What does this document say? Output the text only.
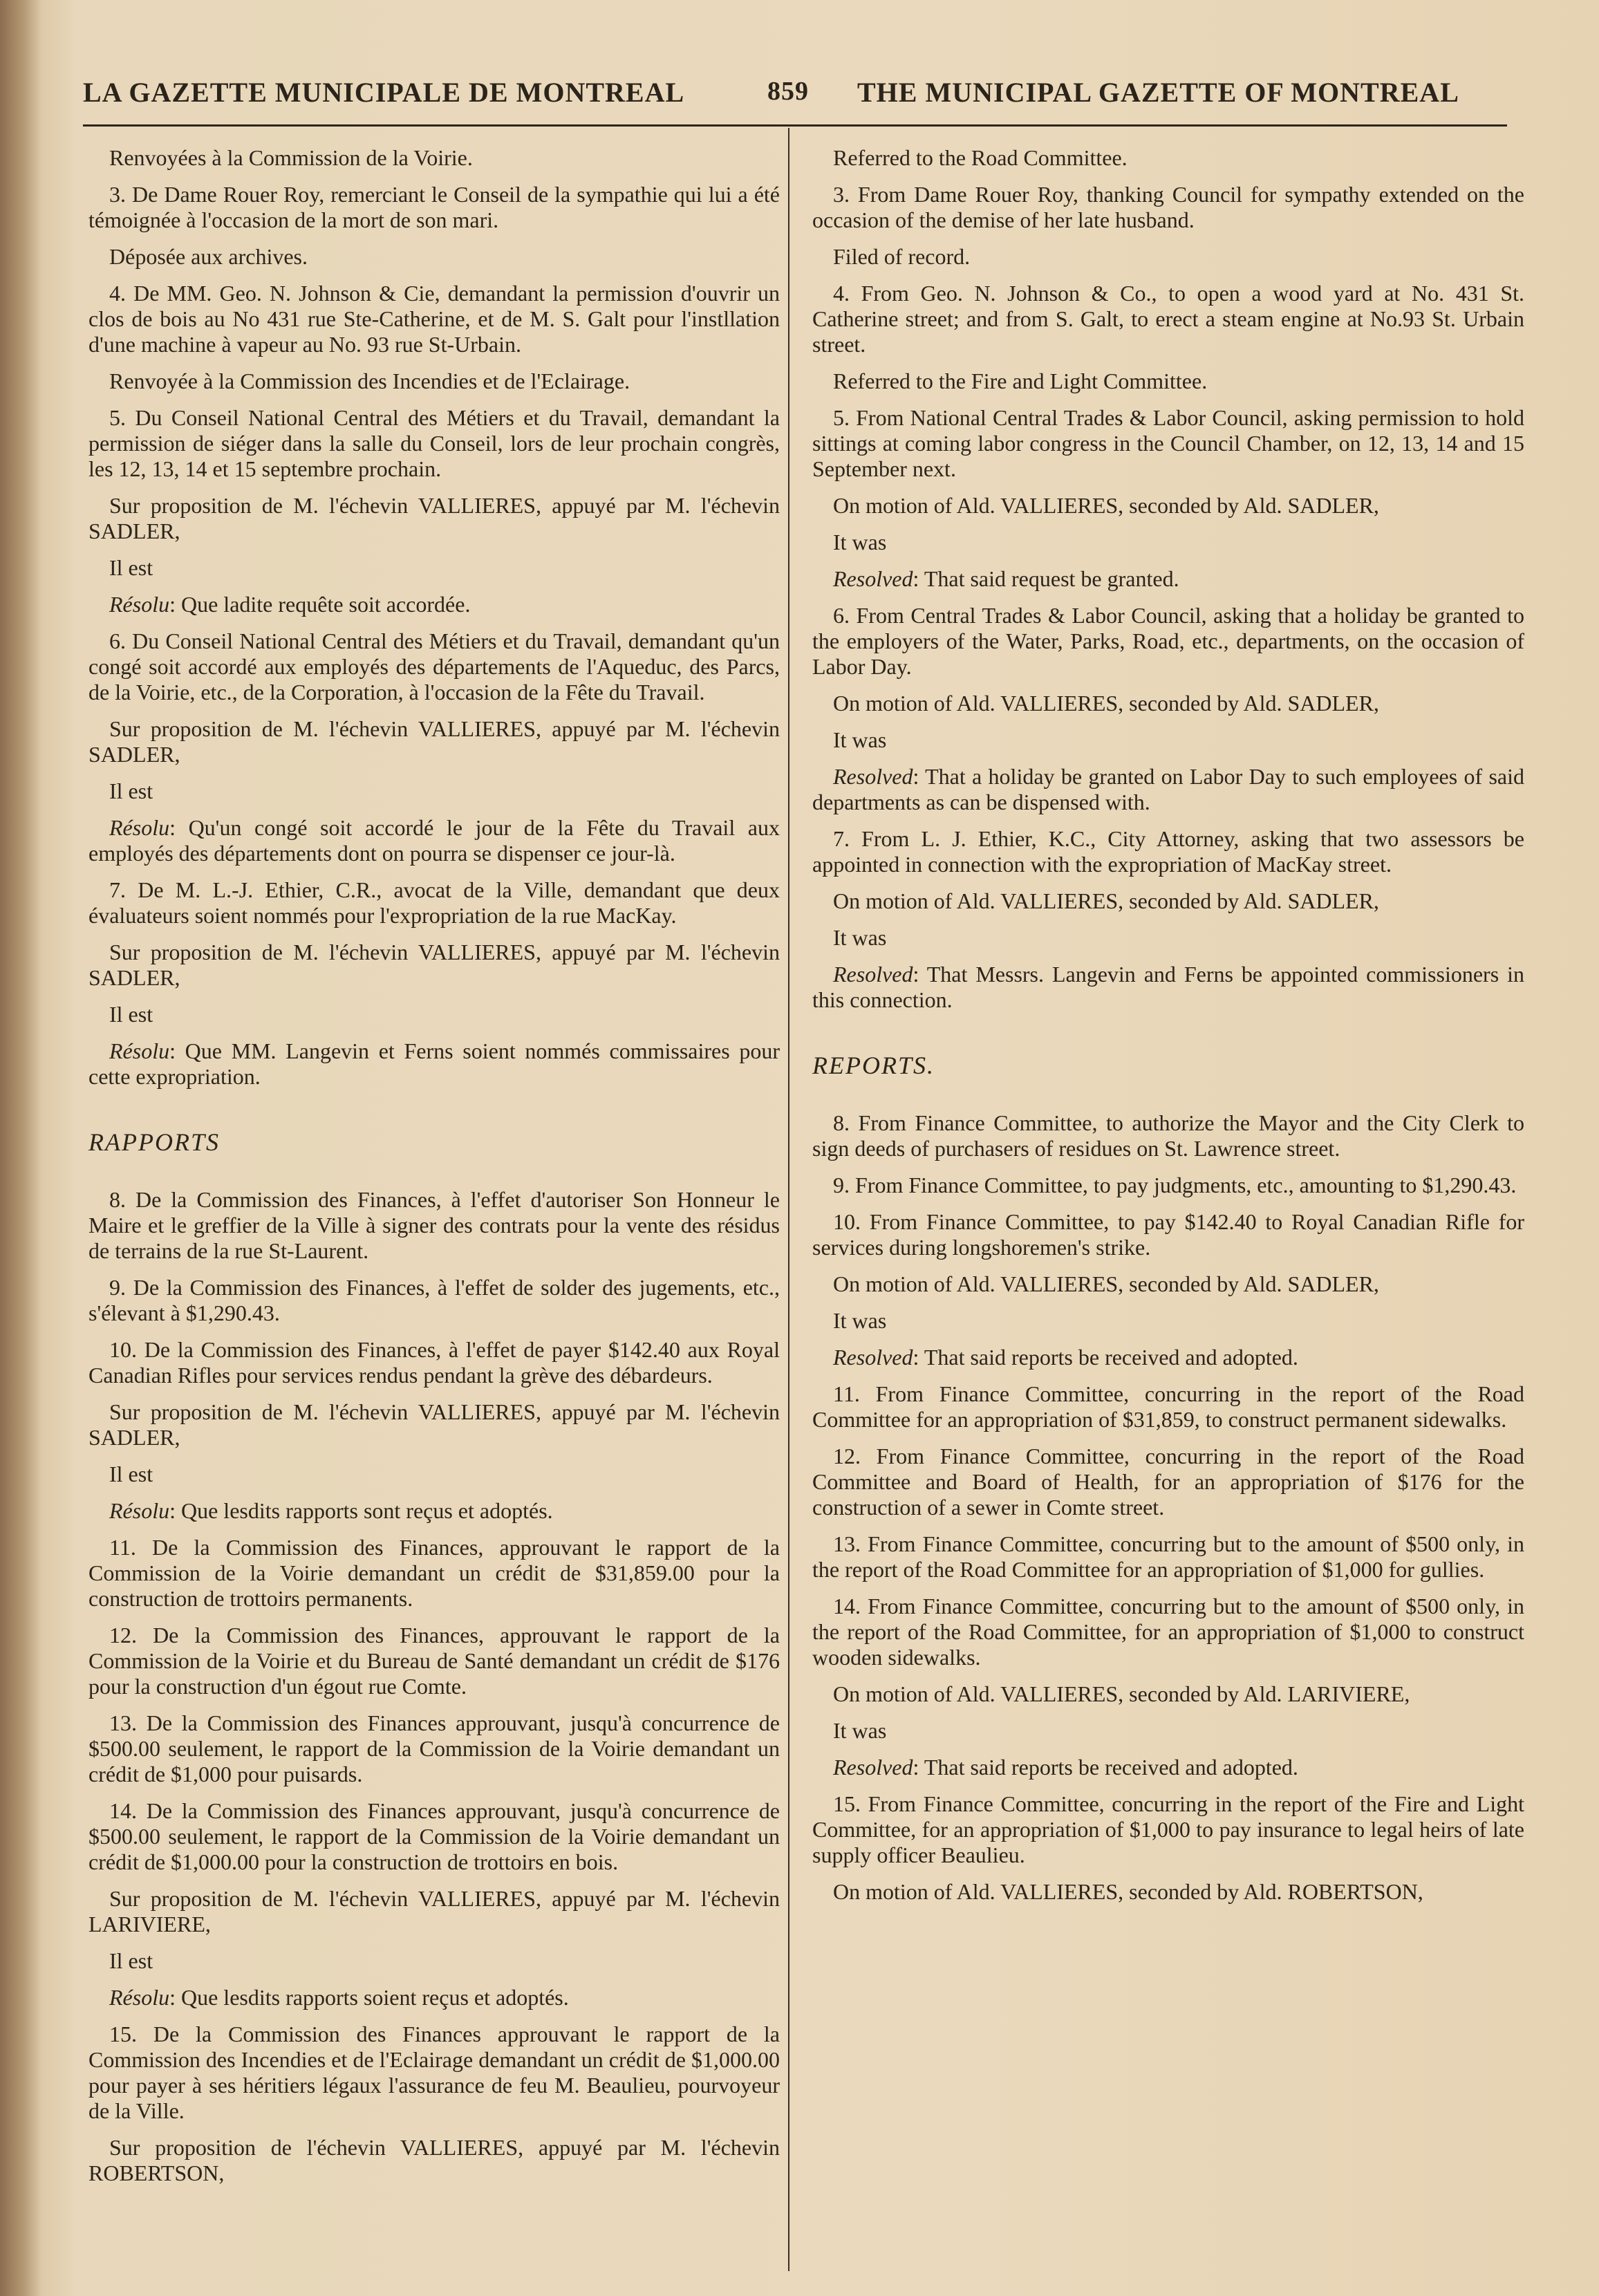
LA GAZETTE MUNICIPALE DE MONTREAL	859 THE MUNICIPAL GAZETTE OF MONTREAL
Renvoyées à la Commission de la Voirie.
3. De Dame Rouer Roy, remerciant le Conseil de la sympathie qui lui a été témoignée à l'occasion de la mort de son mari.
Déposée aux archives.
4. De MM. Geo. N. Johnson & Cie, demandant la permission d'ouvrir un clos de bois au No 431 rue Ste-Catherine, et de M. S. Galt pour l'instllation d'une machine à vapeur au No. 93 rue St-Urbain.
Renvoyée à la Commission des Incendies et de l'Eclairage.
5. Du Conseil National Central des Métiers et du Travail, demandant la permission de siéger dans la salle du Conseil, lors de leur prochain congrès, les 12, 13, 14 et 15 septembre prochain.
Sur proposition de M. l'échevin VALLIERES, appuyé par M. l'échevin SADLER,
Il est
Résolu: Que ladite requête soit accordée.
6. Du Conseil National Central des Métiers et du Travail, demandant qu'un congé soit accordé aux employés des départements de l'Aqueduc, des Parcs, de la Voirie, etc., de la Corporation, à l'occasion de la Fête du Travail.
Sur proposition de M. l'échevin VALLIERES, appuyé par M. l'échevin SADLER,
Il est
Résolu: Qu'un congé soit accordé le jour de la Fête du Travail aux employés des départements dont on pourra se dispenser ce jour-là.
7. De M. L.-J. Ethier, C.R., avocat de la Ville, demandant que deux évaluateurs soient nommés pour l'expropriation de la rue MacKay.
Sur proposition de M. l'échevin VALLIERES, appuyé par M. l'échevin SADLER,
Il est
Résolu: Que MM. Langevin et Ferns soient nommés commissaires pour cette expropriation.
RAPPORTS
8. De la Commission des Finances, à l'effet d'autoriser Son Honneur le Maire et le greffier de la Ville à signer des contrats pour la vente des résidus de terrains de la rue St-Laurent.
9. De la Commission des Finances, à l'effet de solder des jugements, etc., s'élevant à $1,290.43.
10. De la Commission des Finances, à l'effet de payer $142.40 aux Royal Canadian Rifles pour services rendus pendant la grève des débardeurs.
Sur proposition de M. l'échevin VALLIERES, appuyé par M. l'échevin SADLER,
Il est
Résolu: Que lesdits rapports sont reçus et adoptés.
11. De la Commission des Finances, approuvant le rapport de la Commission de la Voirie demandant un crédit de $31,859.00 pour la construction de trottoirs permanents.
12. De la Commission des Finances, approuvant le rapport de la Commission de la Voirie et du Bureau de Santé demandant un crédit de $176 pour la construction d'un égout rue Comte.
13. De la Commission des Finances approuvant, jusqu'à concurrence de $500.00 seulement, le rapport de la Commission de la Voirie demandant un crédit de $1,000 pour puisards.
14. De la Commission des Finances approuvant, jusqu'à concurrence de $500.00 seulement, le rapport de la Commission de la Voirie demandant un crédit de $1,000.00 pour la construction de trottoirs en bois.
Sur proposition de M. l'échevin VALLIERES, appuyé par M. l'échevin LARIVIERE,
Il est
Résolu: Que lesdits rapports soient reçus et adoptés.
15. De la Commission des Finances approuvant le rapport de la Commission des Incendies et de l'Eclairage demandant un crédit de $1,000.00 pour payer à ses héritiers légaux l'assurance de feu M. Beaulieu, pourvoyeur de la Ville.
Sur proposition de l'échevin VALLIERES, appuyé par M. l'échevin ROBERTSON,
Referred to the Road Committee.
3. From Dame Rouer Roy, thanking Council for sympathy extended on the occasion of the demise of her late husband.
Filed of record.
4. From Geo. N. Johnson & Co., to open a wood yard at No. 431 St. Catherine street; and from S. Galt, to erect a steam engine at No.93 St. Urbain street.
Referred to the Fire and Light Committee.
5. From National Central Trades & Labor Council, asking permission to hold sittings at coming labor congress in the Council Chamber, on 12, 13, 14 and 15 September next.
On motion of Ald. VALLIERES, seconded by Ald. SADLER,
It was
Resolved: That said request be granted.
6. From Central Trades & Labor Council, asking that a holiday be granted to the employers of the Water, Parks, Road, etc., departments, on the occasion of Labor Day.
On motion of Ald. VALLIERES, seconded by Ald. SADLER,
It was
Resolved: That a holiday be granted on Labor Day to such employees of said departments as can be dispensed with.
7. From L. J. Ethier, K.C., City Attorney, asking that two assessors be appointed in connection with the expropriation of MacKay street.
On motion of Ald. VALLIERES, seconded by Ald. SADLER,
It was
Resolved: That Messrs. Langevin and Ferns be appointed commissioners in this connection.
REPORTS.
8. From Finance Committee, to authorize the Mayor and the City Clerk to sign deeds of purchasers of residues on St. Lawrence street.
9. From Finance Committee, to pay judgments, etc., amounting to $1,290.43.
10. From Finance Committee, to pay $142.40 to Royal Canadian Rifle for services during longshoremen's strike.
On motion of Ald. VALLIERES, seconded by Ald. SADLER,
It was
Resolved: That said reports be received and adopted.
11. From Finance Committee, concurring in the report of the Road Committee for an appropriation of $31,859, to construct permanent sidewalks.
12. From Finance Committee, concurring in the report of the Road Committee and Board of Health, for an appropriation of $176 for the construction of a sewer in Comte street.
13. From Finance Committee, concurring but to the amount of $500 only, in the report of the Road Committee for an appropriation of $1,000 for gullies.
14. From Finance Committee, concurring but to the amount of $500 only, in the report of the Road Committee, for an appropriation of $1,000 to construct wooden sidewalks.
On motion of Ald. VALLIERES, seconded by Ald. LARIVIERE,
It was
Resolved: That said reports be received and adopted.
15. From Finance Committee, concurring in the report of the Fire and Light Committee, for an appropriation of $1,000 to pay insurance to legal heirs of late supply officer Beaulieu.
On motion of Ald. VALLIERES, seconded by Ald. ROBERTSON,
